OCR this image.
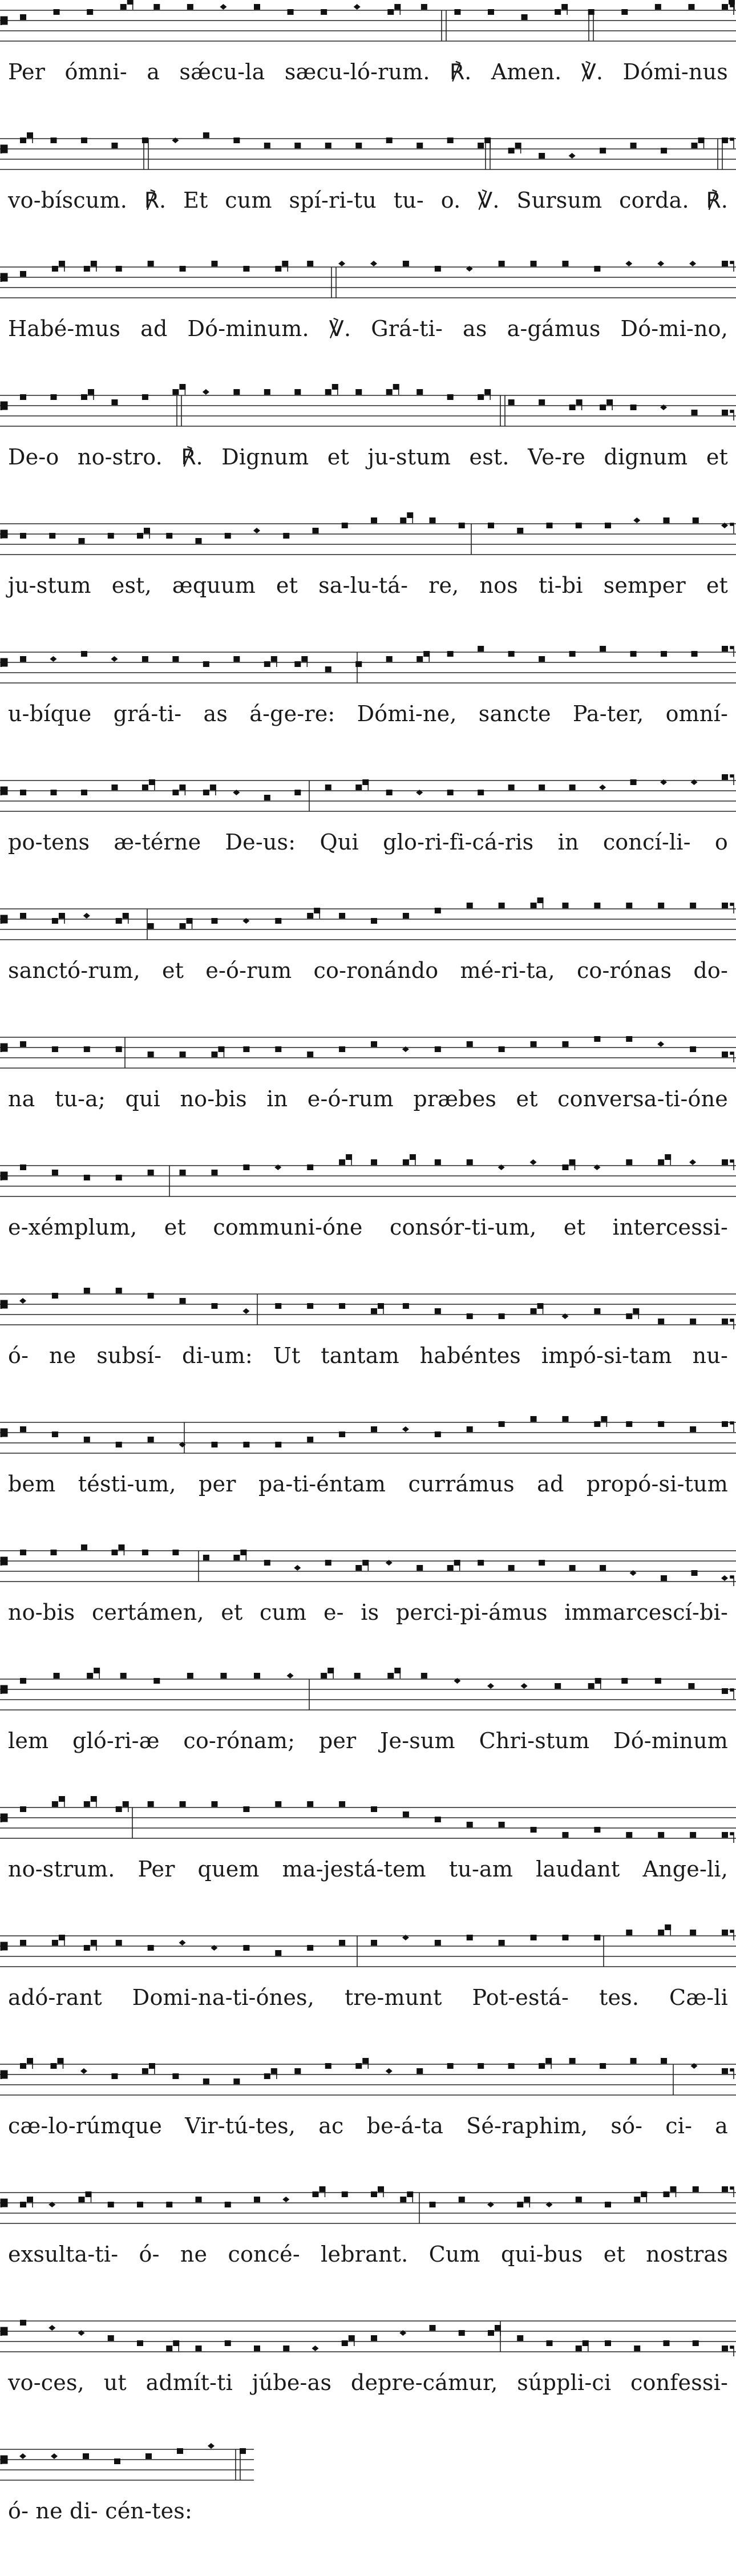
Per ómni- a sǽcu-la sæcu-ló-rum. ℟. Amen. ℣. Dómi-nus
vo-bíscum. ℟. Et cum spí-ri-tu tu- o. ℣. Sursum corda. ℟.
Habé-mus ad Dó-minum. ℣. Grá-ti- as a-gámus Dó-mi-no,
De-o no-stro. ℟. Dignum et ju-stum est. Ve-re dignum et
ju-stum est, æquum et sa-lu-tá- re, nos ti-bi semper et
u-bíque grá-ti- as á-ge-re: Dómi-ne, sancte Pa-ter, omní-
po-tens æ-térne De-us: Qui glo-ri-fi-cá-ris in concí-li- o
sanctó-rum, et e-ó-rum co-ronándo mé-ri-ta, co-rónas do-
na tu-a; qui no-bis in e-ó-rum præbes et conversa-ti-óne
e-xémplum, et communi-óne consór-ti-um, et intercessi-
ó- ne subsí- di-um: Ut tantam habéntes impó-si-tam nu-
bem tésti-um, per pa-ti-éntam currámus ad propó-si-tum
no-bis certámen, et cum e- is perci-pi-ámus immarcescí-bi-
lem gló-ri-æ co-rónam; per Je-sum Chri-stum Dó-minum
no-strum. Per quem ma-jestá-tem tu-am laudant Ange-li,
adó-rant Domi-na-ti-ónes, tre-munt Pot-está- tes. Cæ-li
cæ-lo-rúmque Vir-tú-tes, ac be-á-ta Sé-raphim, só- ci- a
exsulta-ti- ó- ne concé- lebrant. Cum qui-bus et nostras
vo-ces, ut admít-ti júbe-as depre-cámur, súppli-ci confessi-
ó- ne di- cén-tes:
